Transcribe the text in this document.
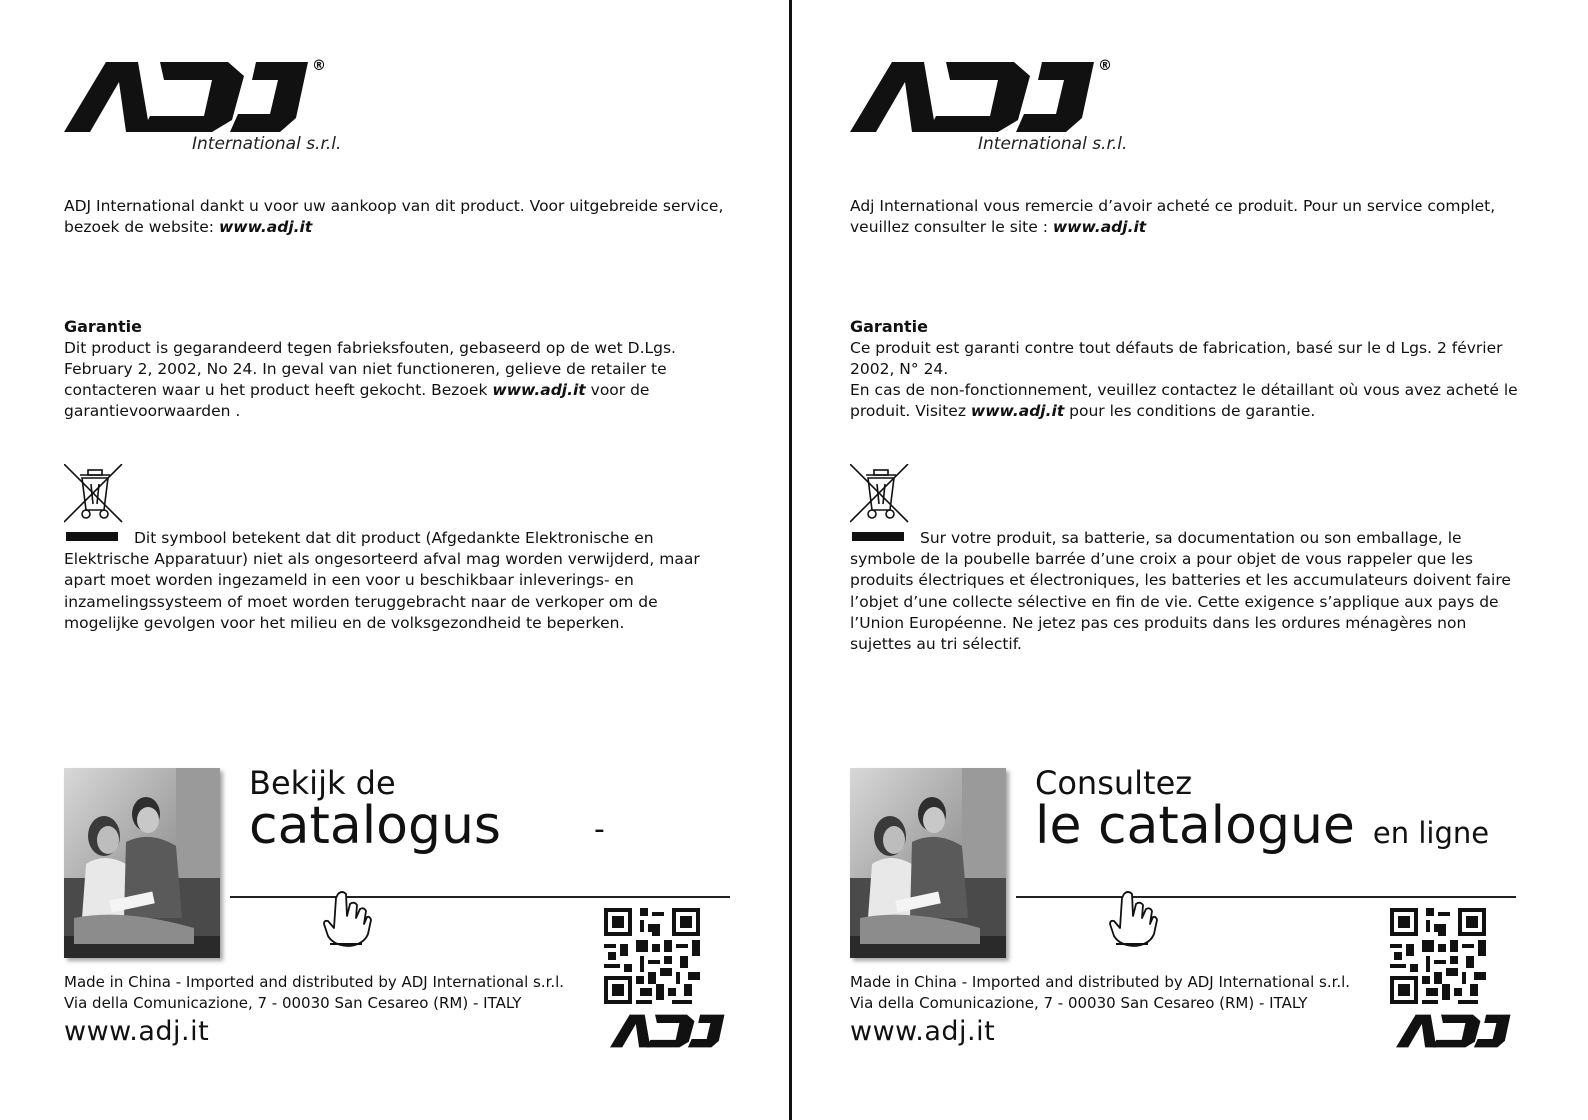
®
International s.r.l.
ADJ International dankt u voor uw aankoop van dit product. Voor uitgebreide service, bezoek de website: www.adj.it
Garantie

Dit product is gegarandeerd tegen fabrieksfouten, gebaseerd op de wet D.Lgs. February 2, 2002, No 24. In geval van niet functioneren, gelieve de retailer te contacteren waar u het product heeft gekocht. Bezoek www.adj.it voor de garantievoorwaarden .

Dit symbool betekent dat dit product (Afgedankte Elektronische en Elektrische Apparatuur) niet als ongesorteerd afval mag worden verwijderd, maar apart moet worden ingezameld in een voor u beschikbaar inleverings- en inzamelingssysteem of moet worden teruggebracht naar de verkoper om de mogelijke gevolgen voor het milieu en de volksgezondheid te beperken.
Bekijk de
catalogus	-
Made in China - Imported and distributed by ADJ International s.r.l.
Via della Comunicazione, 7 - 00030 San Cesareo (RM) - ITALY
www.adj.it
®
International s.r.l.
Adj International vous remercie d’avoir acheté ce produit. Pour un service complet, veuillez consulter le site : www.adj.it
Garantie

Ce produit est garanti contre tout défauts de fabrication, basé sur le d Lgs. 2 février 2002, N° 24.

En cas de non-fonctionnement, veuillez contactez le détaillant où vous avez acheté le produit. Visitez www.adj.it pour les conditions de garantie.

Sur votre produit, sa batterie, sa documentation ou son emballage, le symbole de la poubelle barrée d’une croix a pour objet de vous rappeler que les produits électriques et électroniques, les batteries et les accumulateurs doivent faire l’objet d’une collecte sélective en fin de vie. Cette exigence s’applique aux pays de l’Union Européenne. Ne jetez pas ces produits dans les ordures ménagères non sujettes au tri sélectif.
Consultez
le catalogue en ligne
Made in China - Imported and distributed by ADJ International s.r.l.
Via della Comunicazione, 7 - 00030 San Cesareo (RM) - ITALY
www.adj.it
